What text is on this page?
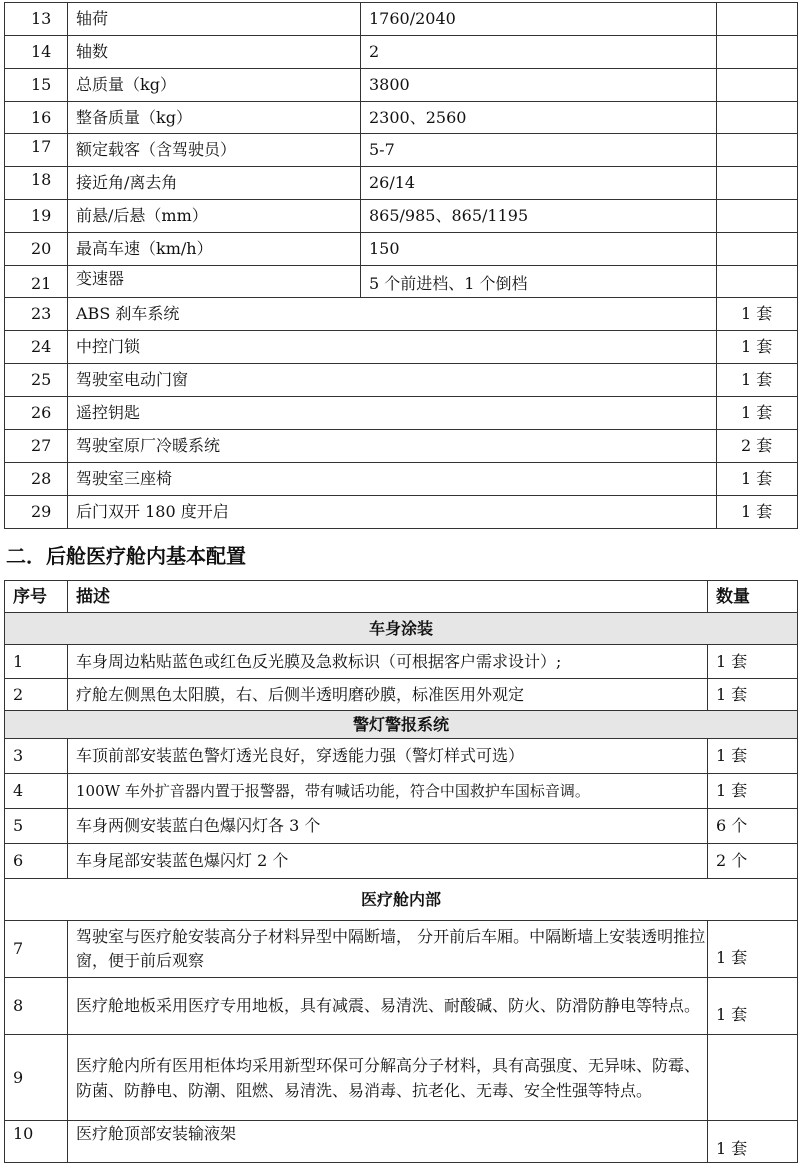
13	轴荷	1760/2040	
14	轴数	2	
15	总质量（kg）	3800	
16	整备质量（kg）	2300、2560	
17	额定载客（含驾驶员）	5-7	
18	接近角/离去角	26/14	
19	前悬/后悬（mm）	865/985、865/1195	
20	最高车速（km/h）	150	
21	变速器	5 个前进档、1 个倒档	
23	ABS 刹车系统		1 套
24	中控门锁		1 套
25	驾驶室电动门窗		1 套
26	遥控钥匙		1 套
27	驾驶室原厂冷暖系统		2 套
28	驾驶室三座椅		1 套
29	后门双开 180 度开启		1 套
二．后舱医疗舱内基本配置
序号	描述	数量
车身涂装		
1	车身周边粘贴蓝色或红色反光膜及急救标识（可根据客户需求设计）;	1 套
2	疗舱左侧黑色太阳膜，右、后侧半透明磨砂膜，标准医用外观定	1 套
警灯警报系统		
3	车顶前部安装蓝色警灯透光良好，穿透能力强（警灯样式可选）	1 套
4	100W 车外扩音器内置于报警器，带有喊话功能，符合中国救护车国标音调。	1 套
5	车身两侧安装蓝白色爆闪灯各 3 个	6 个
6	车身尾部安装蓝色爆闪灯 2 个	2 个
医疗舱内部		
7	驾驶室与医疗舱安装高分子材料异型中隔断墙， 分开前后车厢。中隔断墙上安装透明推拉窗，便于前后观察	1 套
8	医疗舱地板采用医疗专用地板，具有减震、易清洗、耐酸碱、防火、防滑防静电等特点。	1 套
9	医疗舱内所有医用柜体均采用新型环保可分解高分子材料，具有高强度、无异味、防霉、防菌、防静电、防潮、阻燃、易清洗、易消毒、抗老化、无毒、安全性强等特点。	
10	医疗舱顶部安装输液架	1 套
